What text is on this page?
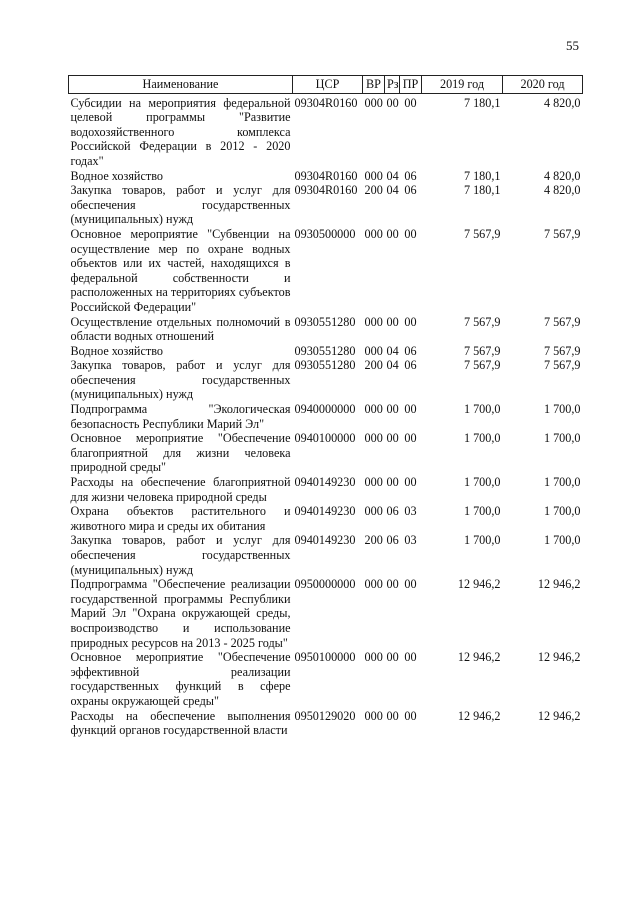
55
Наименование	ЦСР	ВР	Рз	ПР	2019 год	2020 год

Субсидии на мероприятия федеральной целевой программы "Развитие водохозяйственного комплекса Российской Федерации в 2012 - 2020 годах"	09304R0160	000	00	00	7 180,1	4 820,0
Водное хозяйство	09304R0160	000	04	06	7 180,1	4 820,0
Закупка товаров, работ и услуг для обеспечения государственных (муниципальных) нужд	09304R0160	200	04	06	7 180,1	4 820,0
Основное мероприятие "Субвенции на осуществление мер по охране водных объектов или их частей, находящихся в федеральной собственности и расположенных на территориях субъектов Российской Федерации"	0930500000	000	00	00	7 567,9	7 567,9
Осуществление отдельных полномочий в области водных отношений	0930551280	000	00	00	7 567,9	7 567,9
Водное хозяйство	0930551280	000	04	06	7 567,9	7 567,9
Закупка товаров, работ и услуг для обеспечения государственных (муниципальных) нужд	0930551280	200	04	06	7 567,9	7 567,9
Подпрограмма "Экологическая безопасность Республики Марий Эл"	0940000000	000	00	00	1 700,0	1 700,0
Основное мероприятие "Обеспечение благоприятной для жизни человека природной среды"	0940100000	000	00	00	1 700,0	1 700,0
Расходы на обеспечение благоприятной для жизни человека природной среды	0940149230	000	00	00	1 700,0	1 700,0
Охрана объектов растительного и животного мира и среды их обитания	0940149230	000	06	03	1 700,0	1 700,0
Закупка товаров, работ и услуг для обеспечения государственных (муниципальных) нужд	0940149230	200	06	03	1 700,0	1 700,0
Подпрограмма "Обеспечение реализации государственной программы Республики Марий Эл "Охрана окружающей среды, воспроизводство и использование природных ресурсов на 2013 - 2025 годы"	0950000000	000	00	00	12 946,2	12 946,2
Основное мероприятие "Обеспечение эффективной реализации государственных функций в сфере охраны окружающей среды"	0950100000	000	00	00	12 946,2	12 946,2
Расходы на обеспечение выполнения функций органов государственной власти	0950129020	000	00	00	12 946,2	12 946,2
